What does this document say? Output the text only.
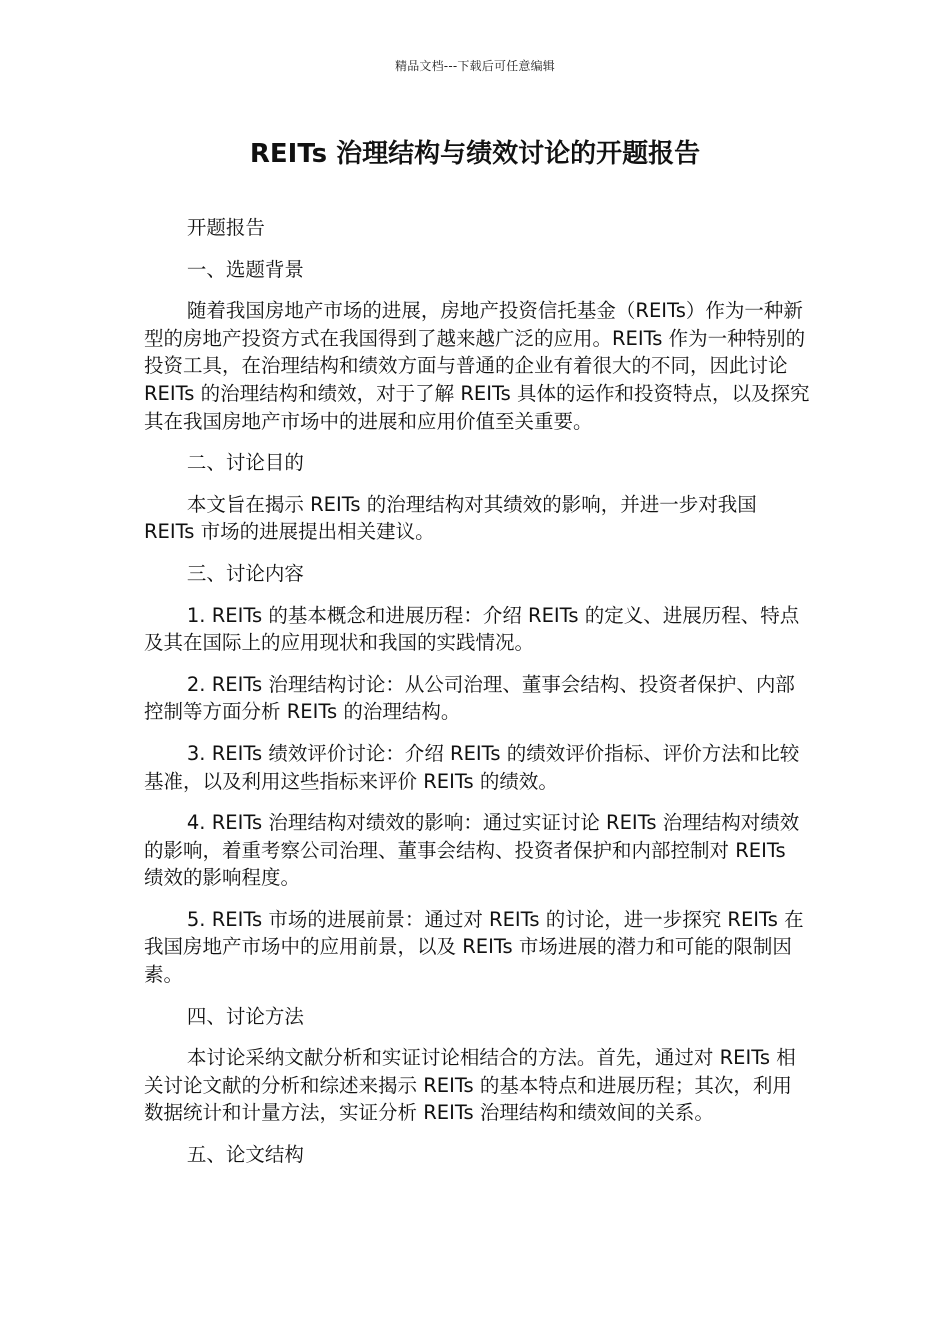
精品文档---下载后可任意编辑
REITs 治理结构与绩效讨论的开题报告

开题报告

一、选题背景

随着我国房地产市场的进展，房地产投资信托基金（REITs）作为一种新型的房地产投资方式在我国得到了越来越广泛的应用。REITs 作为一种特别的投资工具，在治理结构和绩效方面与普通的企业有着很大的不同，因此讨论 REITs 的治理结构和绩效，对于了解 REITs 具体的运作和投资特点，以及探究其在我国房地产市场中的进展和应用价值至关重要。

二、讨论目的

本文旨在揭示 REITs 的治理结构对其绩效的影响，并进一步对我国 REITs 市场的进展提出相关建议。

三、讨论内容

1. REITs 的基本概念和进展历程：介绍 REITs 的定义、进展历程、特点及其在国际上的应用现状和我国的实践情况。

2. REITs 治理结构讨论：从公司治理、董事会结构、投资者保护、内部控制等方面分析 REITs 的治理结构。

3. REITs 绩效评价讨论：介绍 REITs 的绩效评价指标、评价方法和比较基准，以及利用这些指标来评价 REITs 的绩效。

4. REITs 治理结构对绩效的影响：通过实证讨论 REITs 治理结构对绩效的影响，着重考察公司治理、董事会结构、投资者保护和内部控制对 REITs 绩效的影响程度。

5. REITs 市场的进展前景：通过对 REITs 的讨论，进一步探究 REITs 在我国房地产市场中的应用前景，以及 REITs 市场进展的潜力和可能的限制因素。

四、讨论方法

本讨论采纳文献分析和实证讨论相结合的方法。首先，通过对 REITs 相关讨论文献的分析和综述来揭示 REITs 的基本特点和进展历程；其次，利用数据统计和计量方法，实证分析 REITs 治理结构和绩效间的关系。

五、论文结构
